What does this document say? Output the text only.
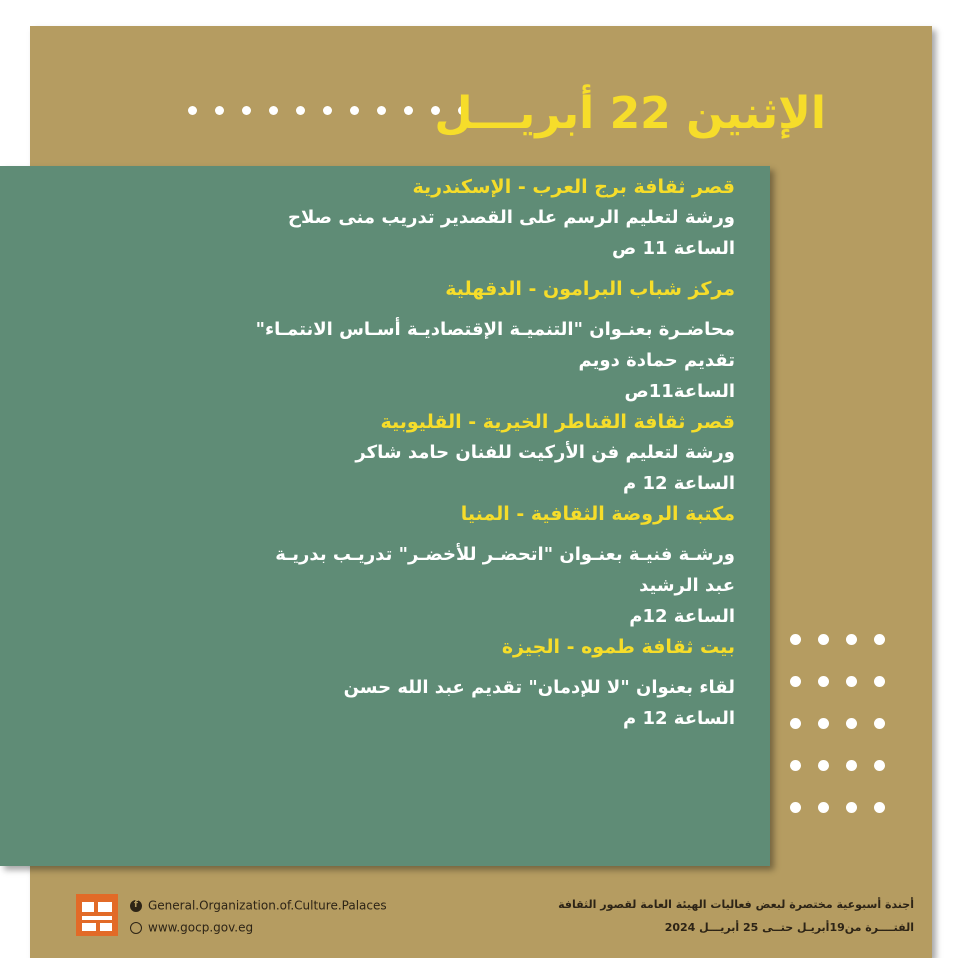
الإثنين 22 أبريـــل

قصر ثقافة برج العرب - الإسكندرية

ورشة لتعليم الرسم على القصدير تدريب منى صلاح

الساعة 11 ص

مركز شباب البرامون - الدقهلية

محاضـرة بعنـوان "التنميـة الإقتصاديـة أسـاس الانتمـاء"

تقديم حمادة دويم

الساعة11ص

قصر ثقافة القناطر الخيرية - القليوبية

ورشة لتعليم فن الأركيت للفنان حامد شاكر

الساعة 12 م

مكتبة الروضة الثقافية - المنيا

ورشـة فنيـة بعنـوان "اتحضـر للأخضـر" تدريـب بدريـة

عبد الرشيد

الساعة 12م

بيت ثقافة طموه - الجيزة

لقاء بعنوان "لا للإدمان" تقديم عبد الله حسن

الساعة 12 م

أجندة أسبوعية مختصرة لبعض فعاليات الهيئة العامة لقصور الثقافة
الفتــــرة من19أبريـل حتــى 25 أبريـــل 2024
f General.Organization.of.Culture.Palaces
www.gocp.gov.eg
